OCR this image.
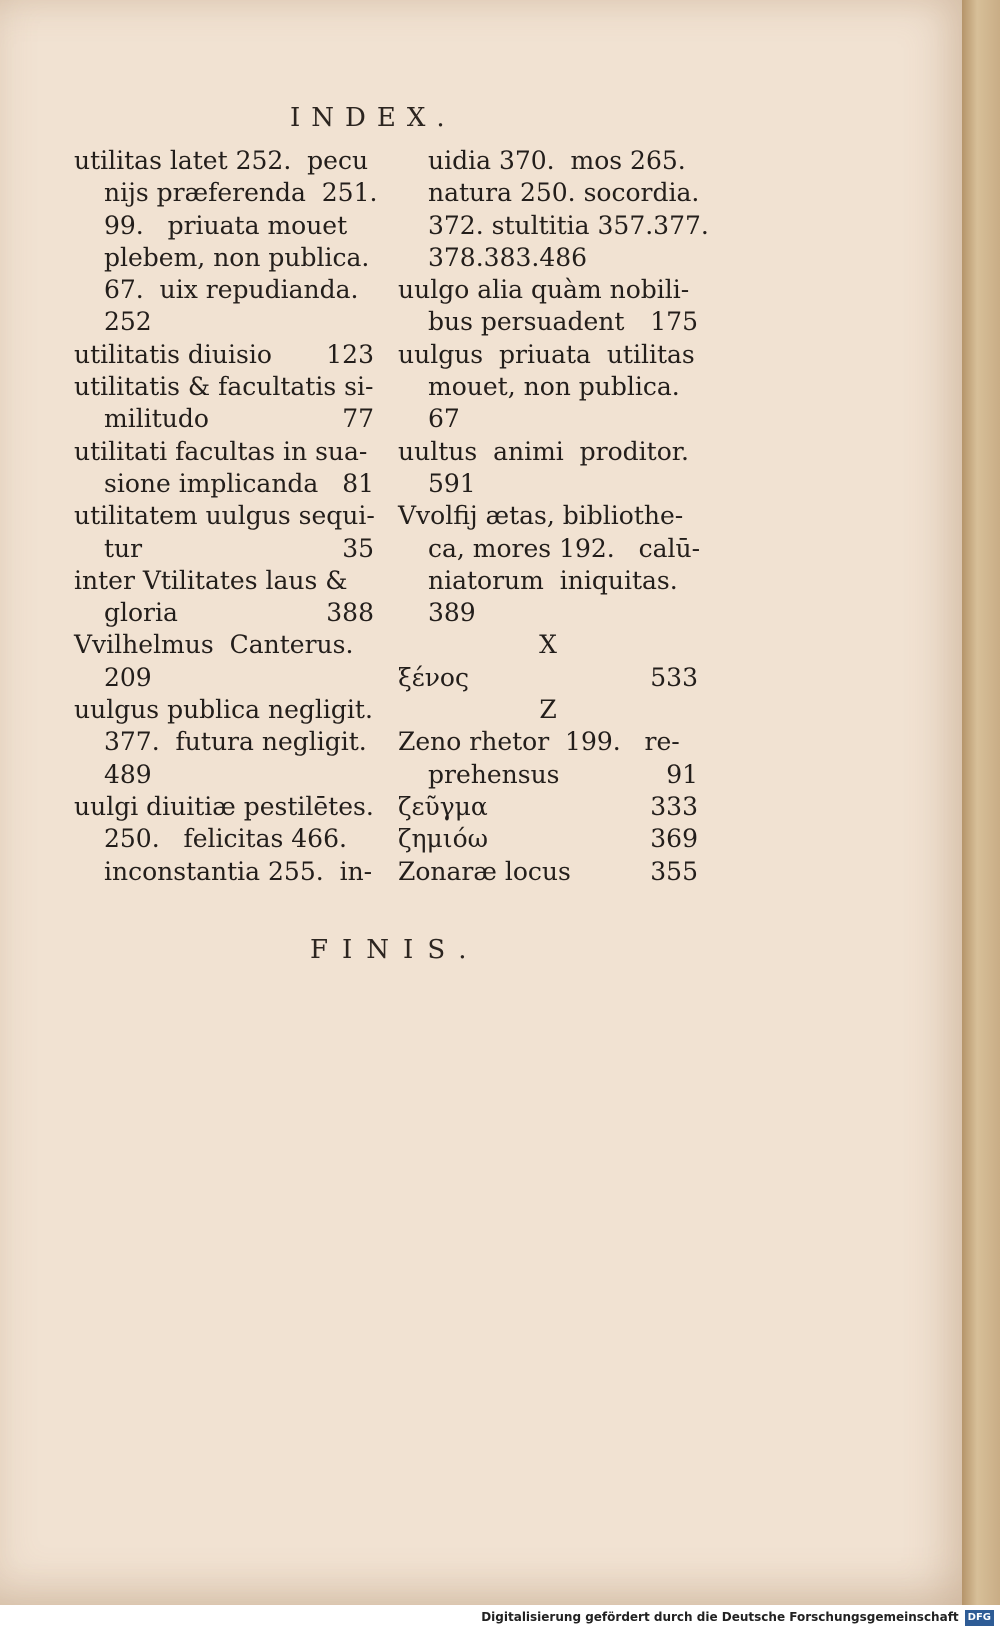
INDEX.
utilitas latet 252.  pecu
nijs præferenda  251.
99.   priuata mouet
plebem, non publica.
67.  uix repudianda.
252
utilitatis diuisio 123
utilitatis & facultatis si-
militudo	77
utilitati facultas in sua-
sione implicanda 81
utilitatem uulgus sequi-
tur	35
inter Vtilitates laus &
gloria	388
Vvilhelmus  Canterus.
209
uulgus publica negligit.
377.  futura negligit.
489
uulgi diuitiæ pestilētes.
250.   felicitas 466.
inconstantia 255.  in-
uidia 370.  mos 265.
natura 250. socordia.
372. stultitia 357.377.
378.383.486
uulgo alia quàm nobili-
bus persuadent 175
uulgus  priuata  utilitas
mouet, non publica.
67
uultus  animi  proditor.
591
Vvolfij ætas, bibliothe-
ca, mores 192.   calū-
niatorum  iniquitas.
389
X
ξένος	533
Z
Zeno rhetor  199.   re-
prehensus	91
ζεῦγμα	333
ζημιόω	369
Zonaræ locus	355
FINIS.
Digitalisierung gefördert durch die Deutsche Forschungsgemeinschaft DFG
